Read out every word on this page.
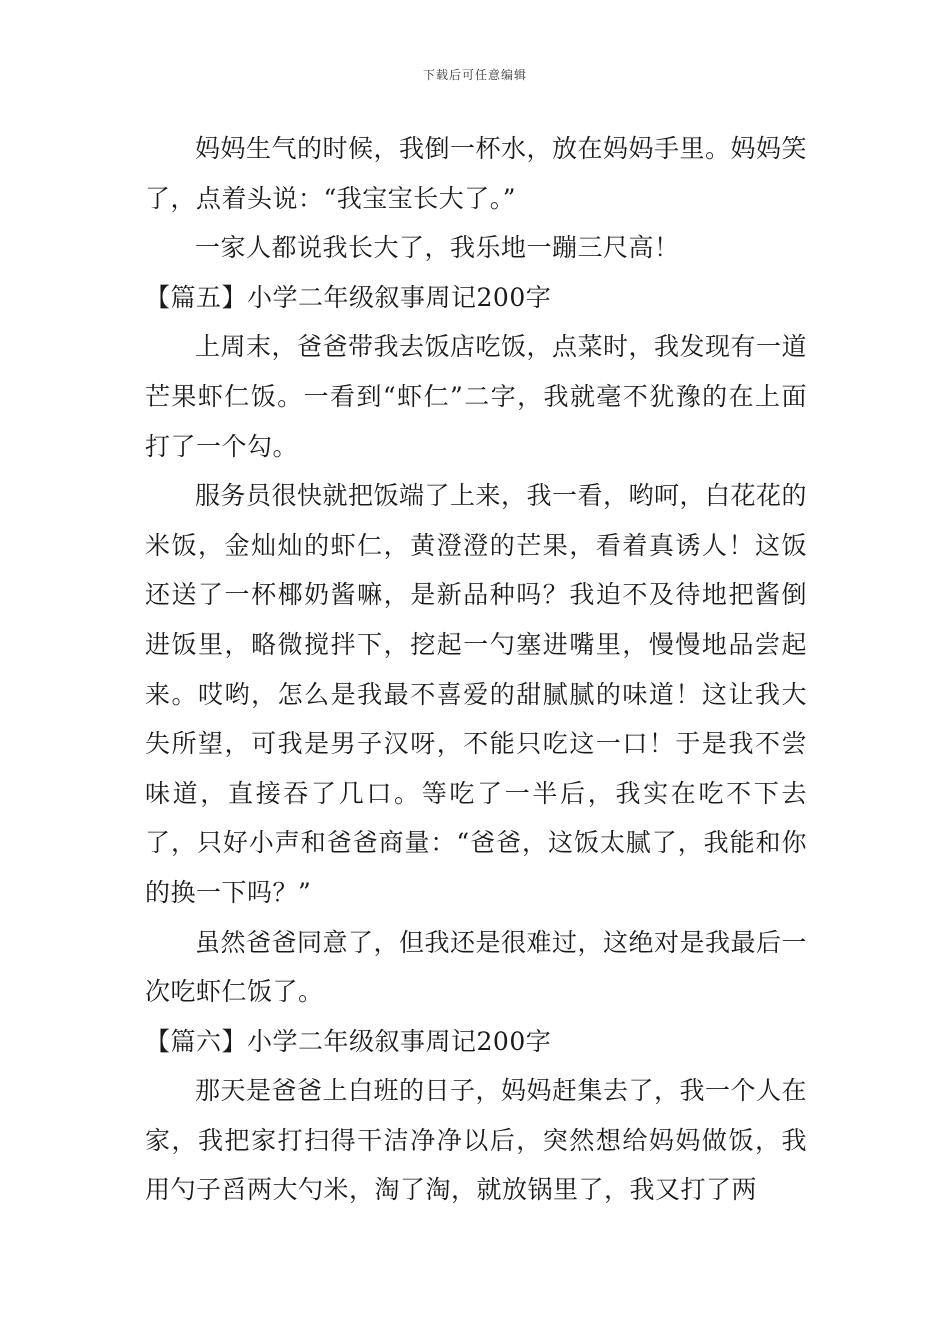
下载后可任意编辑

妈妈生气的时候，我倒一杯水，放在妈妈手里。妈妈笑了，点着头说：“我宝宝长大了。”

一家人都说我长大了，我乐地一蹦三尺高！

【篇五】小学二年级叙事周记200字

上周末，爸爸带我去饭店吃饭，点菜时，我发现有一道芒果虾仁饭。一看到“虾仁”二字，我就毫不犹豫的在上面打了一个勾。

服务员很快就把饭端了上来，我一看，哟呵，白花花的米饭，金灿灿的虾仁，黄澄澄的芒果，看着真诱人！这饭还送了一杯椰奶酱嘛，是新品种吗？我迫不及待地把酱倒进饭里，略微搅拌下，挖起一勺塞进嘴里，慢慢地品尝起来。哎哟，怎么是我最不喜爱的甜腻腻的味道！这让我大失所望，可我是男子汉呀，不能只吃这一口！于是我不尝味道，直接吞了几口。等吃了一半后，我实在吃不下去了，只好小声和爸爸商量：“爸爸，这饭太腻了，我能和你的换一下吗？”

虽然爸爸同意了，但我还是很难过，这绝对是我最后一次吃虾仁饭了。

【篇六】小学二年级叙事周记200字

那天是爸爸上白班的日子，妈妈赶集去了，我一个人在家，我把家打扫得干洁净净以后，突然想给妈妈做饭，我用勺子舀两大勺米，淘了淘，就放锅里了，我又打了两
